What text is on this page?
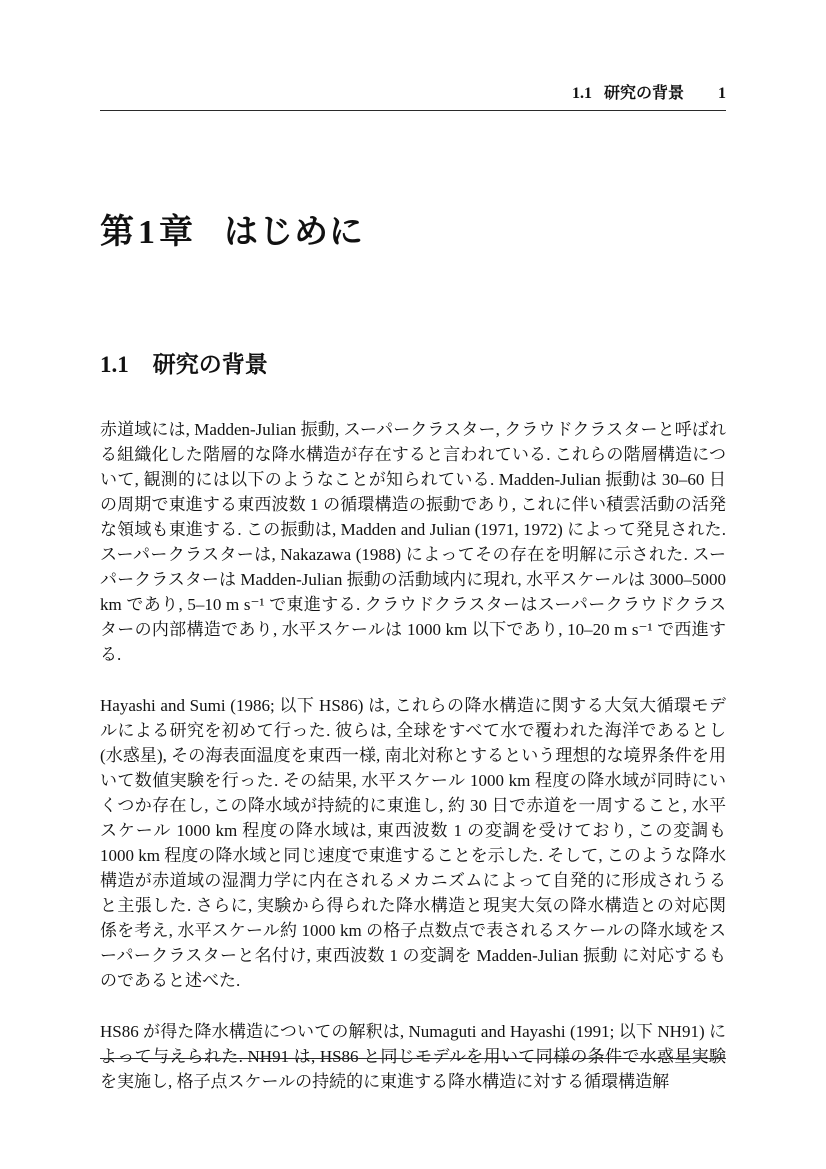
1.1 研究の背景 1
第1章 はじめに
1.1 研究の背景

赤道域には, Madden-Julian 振動, スーパークラスター, クラウドクラスターと呼ばれる組織化した階層的な降水構造が存在すると言われている. これらの階層構造について, 観測的には以下のようなことが知られている. Madden-Julian 振動は 30–60 日の周期で東進する東西波数 1 の循環構造の振動であり, これに伴い積雲活動の活発な領域も東進する. この振動は, Madden and Julian (1971, 1972) によって発見された. スーパークラスターは, Nakazawa (1988) によってその存在を明解に示された. スーパークラスターは Madden-Julian 振動の活動域内に現れ, 水平スケールは 3000–5000 km であり, 5–10 m s⁻¹ で東進する. クラウドクラスターはスーパークラウドクラスターの内部構造であり, 水平スケールは 1000 km 以下であり, 10–20 m s⁻¹ で西進する.

Hayashi and Sumi (1986; 以下 HS86) は, これらの降水構造に関する大気大循環モデルによる研究を初めて行った. 彼らは, 全球をすべて水で覆われた海洋であるとし (水惑星), その海表面温度を東西一様, 南北対称とするという理想的な境界条件を用いて数値実験を行った. その結果, 水平スケール 1000 km 程度の降水域が同時にいくつか存在し, この降水域が持続的に東進し, 約 30 日で赤道を一周すること, 水平スケール 1000 km 程度の降水域は, 東西波数 1 の変調を受けており, この変調も 1000 km 程度の降水域と同じ速度で東進することを示した. そして, このような降水構造が赤道域の湿潤力学に内在されるメカニズムによって自発的に形成されうると主張した. さらに, 実験から得られた降水構造と現実大気の降水構造との対応関係を考え, 水平スケール約 1000 km の格子点数点で表されるスケールの降水域をスーパークラスターと名付け, 東西波数 1 の変調を Madden-Julian 振動 に対応するものであると述べた.

HS86 が得た降水構造についての解釈は, Numaguti and Hayashi (1991; 以下 NH91) によって与えられた. NH91 は, HS86 と同じモデルを用いて同様の条件で水惑星実験を実施し, 格子点スケールの持続的に東進する降水構造に対する循環構造解
